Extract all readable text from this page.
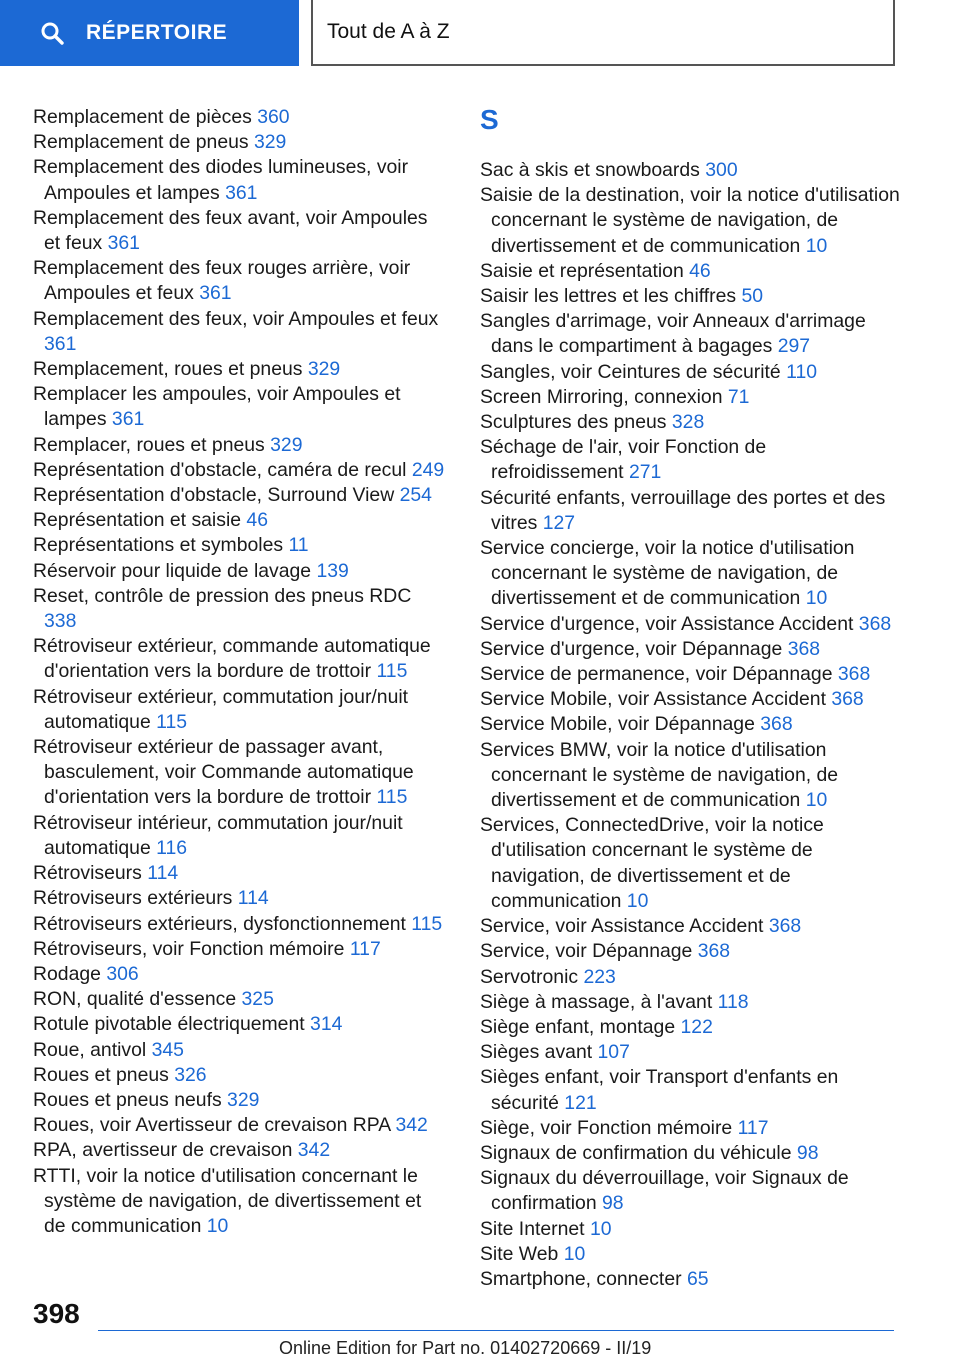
RÉPERTOIRE	Tout de A à Z
Remplacement de pièces 360
Remplacement de pneus 329
Remplacement des diodes lumineuses, voir Ampoules et lampes 361
Remplacement des feux avant, voir Ampoules et feux 361
Remplacement des feux rouges arrière, voir Ampoules et feux 361
Remplacement des feux, voir Ampoules et feux 361
Remplacement, roues et pneus 329
Remplacer les ampoules, voir Ampoules et lampes 361
Remplacer, roues et pneus 329
Représentation d'obstacle, caméra de recul 249
Représentation d'obstacle, Surround View 254
Représentation et saisie 46
Représentations et symboles 11
Réservoir pour liquide de lavage 139
Reset, contrôle de pression des pneus RDC 338
Rétroviseur extérieur, commande automatique d'orientation vers la bordure de trottoir 115
Rétroviseur extérieur, commutation jour/nuit automatique 115
Rétroviseur extérieur de passager avant, basculement, voir Commande automatique d'orientation vers la bordure de trottoir 115
Rétroviseur intérieur, commutation jour/nuit automatique 116
Rétroviseurs 114
Rétroviseurs extérieurs 114
Rétroviseurs extérieurs, dysfonctionnement 115
Rétroviseurs, voir Fonction mémoire 117
Rodage 306
RON, qualité d'essence 325
Rotule pivotable électriquement 314
Roue, antivol 345
Roues et pneus 326
Roues et pneus neufs 329
Roues, voir Avertisseur de crevaison RPA 342
RPA, avertisseur de crevaison 342
RTTI, voir la notice d'utilisation concernant le système de navigation, de divertissement et de communication 10
S
Sac à skis et snowboards 300
Saisie de la destination, voir la notice d'utilisation concernant le système de navigation, de divertissement et de communication 10
Saisie et représentation 46
Saisir les lettres et les chiffres 50
Sangles d'arrimage, voir Anneaux d'arrimage dans le compartiment à bagages 297
Sangles, voir Ceintures de sécurité 110
Screen Mirroring, connexion 71
Sculptures des pneus 328
Séchage de l'air, voir Fonction de refroidissement 271
Sécurité enfants, verrouillage des portes et des vitres 127
Service concierge, voir la notice d'utilisation concernant le système de navigation, de divertissement et de communication 10
Service d'urgence, voir Assistance Accident 368
Service d'urgence, voir Dépannage 368
Service de permanence, voir Dépannage 368
Service Mobile, voir Assistance Accident 368
Service Mobile, voir Dépannage 368
Services BMW, voir la notice d'utilisation concernant le système de navigation, de divertissement et de communication 10
Services, ConnectedDrive, voir la notice d'utilisation concernant le système de navigation, de divertissement et de communication 10
Service, voir Assistance Accident 368
Service, voir Dépannage 368
Servotronic 223
Siège à massage, à l'avant 118
Siège enfant, montage 122
Sièges avant 107
Sièges enfant, voir Transport d'enfants en sécurité 121
Siège, voir Fonction mémoire 117
Signaux de confirmation du véhicule 98
Signaux du déverrouillage, voir Signaux de confirmation 98
Site Internet 10
Site Web 10
Smartphone, connecter 65
398
Online Edition for Part no. 01402720669 - II/19
